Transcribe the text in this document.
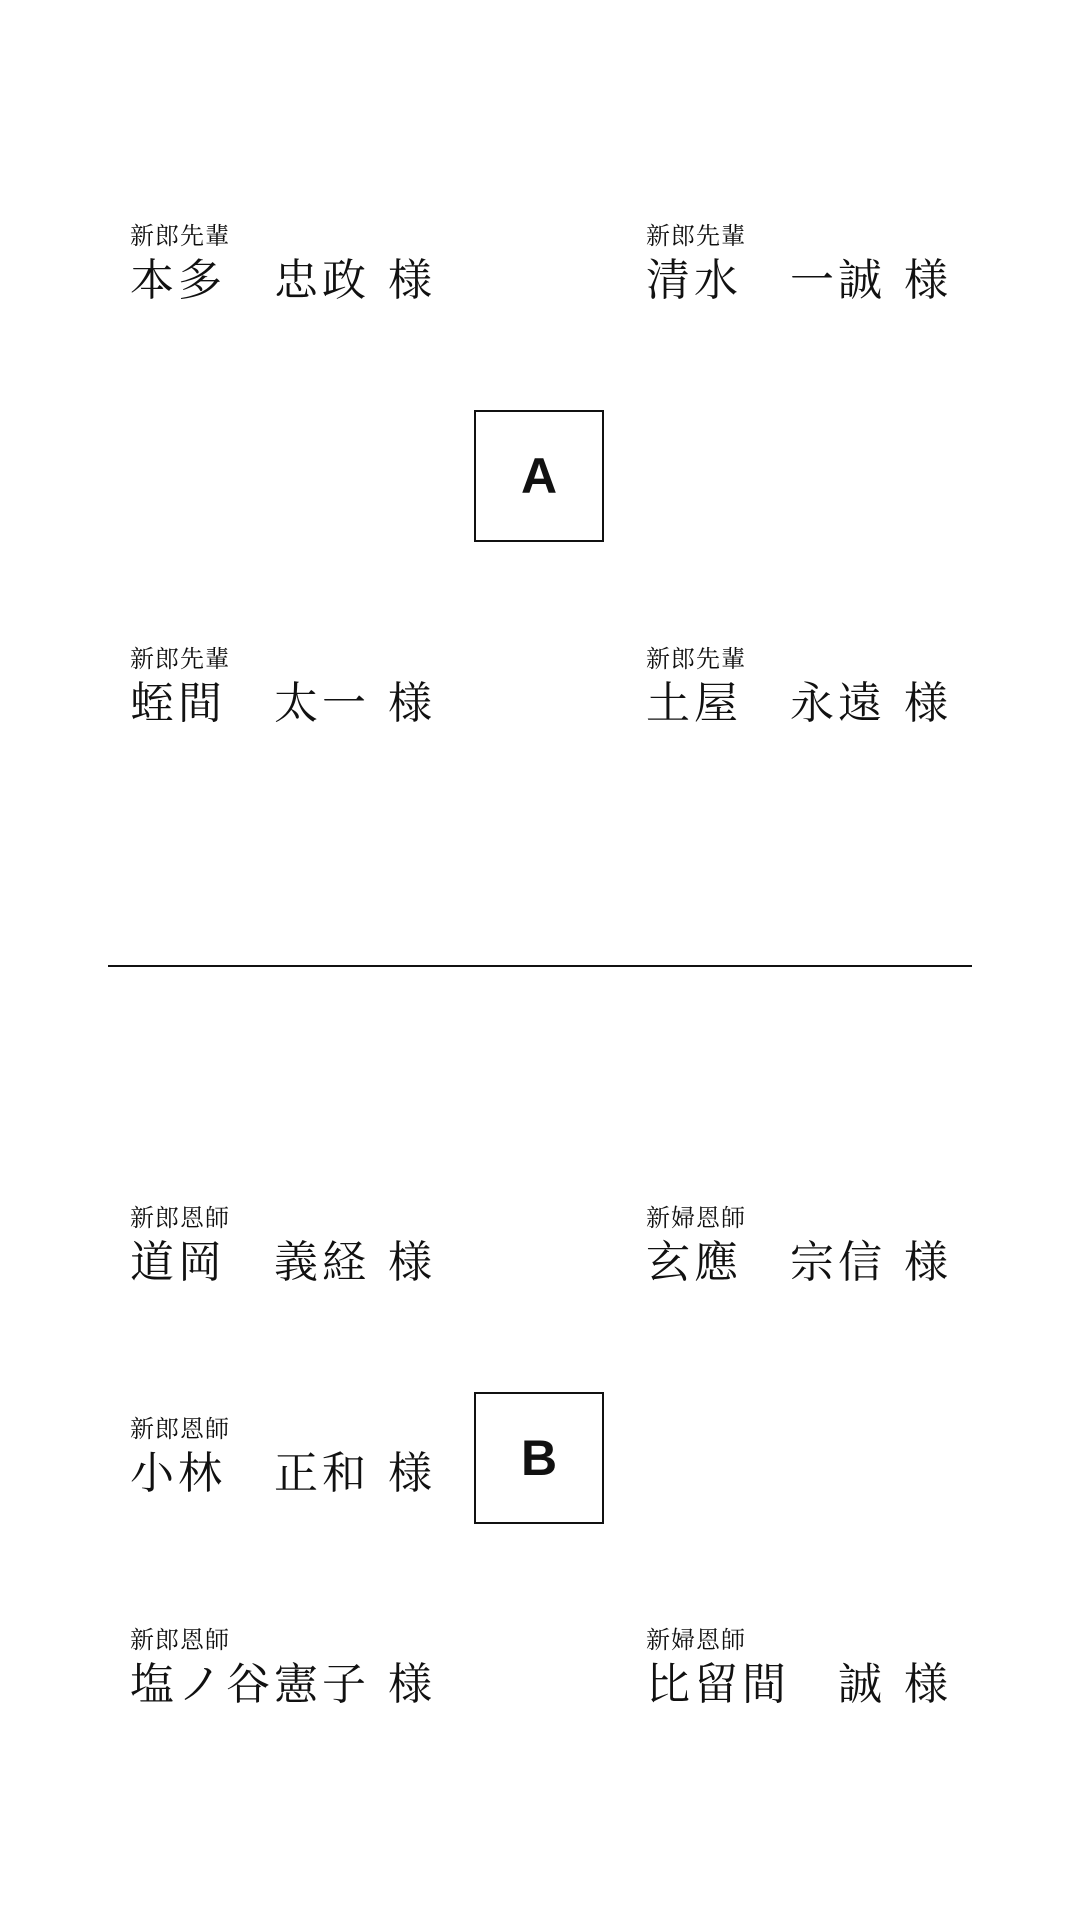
新郎先輩
本多　忠政 様
新郎先輩
清水　一誠 様
A
新郎先輩
蛭間　太一 様
新郎先輩
土屋　永遠 様
新郎恩師
道岡　義経 様
新婦恩師
玄應　宗信 様
新郎恩師
小林　正和 様	B
新郎恩師
塩ノ谷憲子 様
新婦恩師
比留間　誠 様
